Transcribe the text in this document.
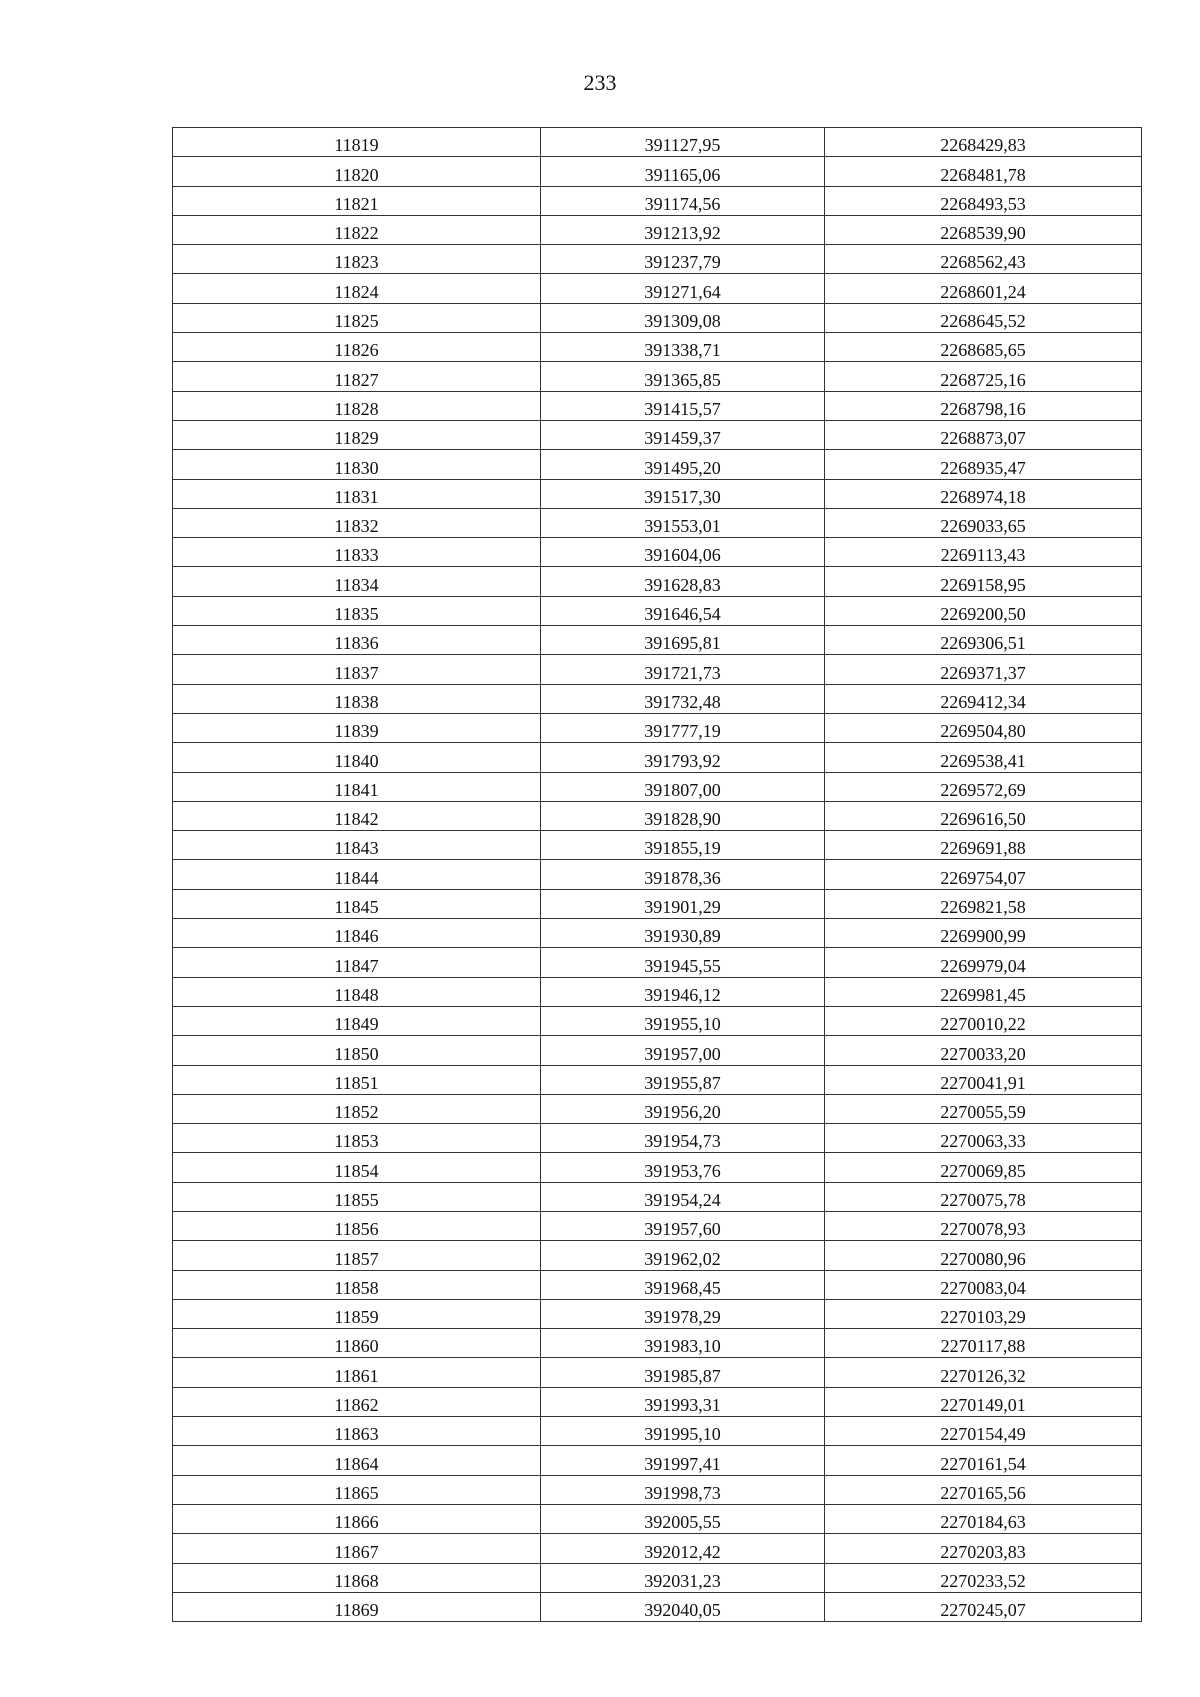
233
11819	391127,95	2268429,83
11820	391165,06	2268481,78
11821	391174,56	2268493,53
11822	391213,92	2268539,90
11823	391237,79	2268562,43
11824	391271,64	2268601,24
11825	391309,08	2268645,52
11826	391338,71	2268685,65
11827	391365,85	2268725,16
11828	391415,57	2268798,16
11829	391459,37	2268873,07
11830	391495,20	2268935,47
11831	391517,30	2268974,18
11832	391553,01	2269033,65
11833	391604,06	2269113,43
11834	391628,83	2269158,95
11835	391646,54	2269200,50
11836	391695,81	2269306,51
11837	391721,73	2269371,37
11838	391732,48	2269412,34
11839	391777,19	2269504,80
11840	391793,92	2269538,41
11841	391807,00	2269572,69
11842	391828,90	2269616,50
11843	391855,19	2269691,88
11844	391878,36	2269754,07
11845	391901,29	2269821,58
11846	391930,89	2269900,99
11847	391945,55	2269979,04
11848	391946,12	2269981,45
11849	391955,10	2270010,22
11850	391957,00	2270033,20
11851	391955,87	2270041,91
11852	391956,20	2270055,59
11853	391954,73	2270063,33
11854	391953,76	2270069,85
11855	391954,24	2270075,78
11856	391957,60	2270078,93
11857	391962,02	2270080,96
11858	391968,45	2270083,04
11859	391978,29	2270103,29
11860	391983,10	2270117,88
11861	391985,87	2270126,32
11862	391993,31	2270149,01
11863	391995,10	2270154,49
11864	391997,41	2270161,54
11865	391998,73	2270165,56
11866	392005,55	2270184,63
11867	392012,42	2270203,83
11868	392031,23	2270233,52
11869	392040,05	2270245,07
